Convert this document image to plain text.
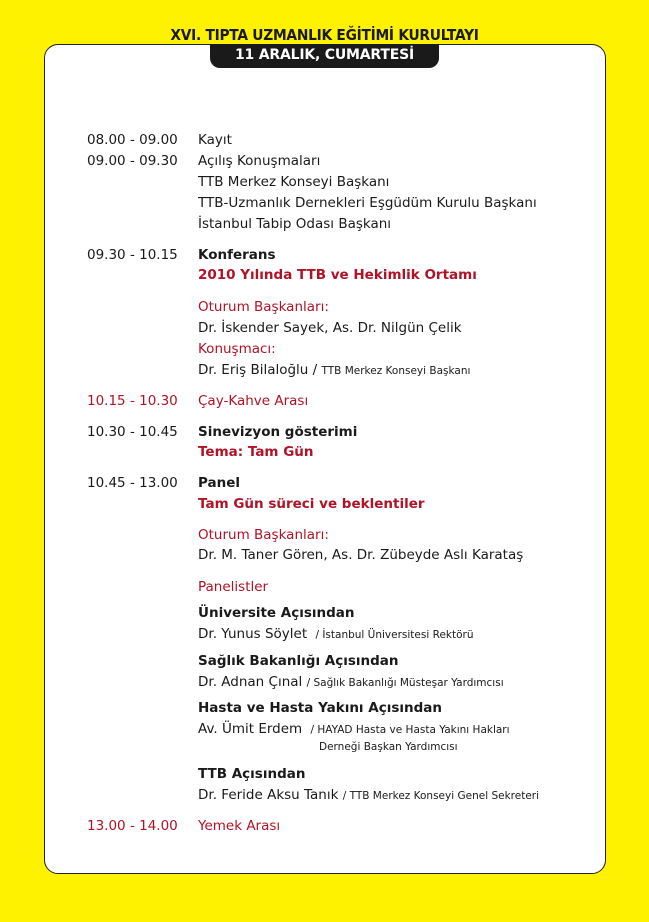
XVI. TIPTA UZMANLIK EĞİTİMİ KURULTAYI
11 ARALIK, CUMARTESİ
08.00 - 09.00 Kayıt
09.00 - 09.30 Açılış Konuşmaları
TTB Merkez Konseyi Başkanı
TTB-Uzmanlık Dernekleri Eşgüdüm Kurulu Başkanı
İstanbul Tabip Odası Başkanı
09.30 - 10.15 Konferans
2010 Yılında TTB ve Hekimlik Ortamı
Oturum Başkanları:
Dr. İskender Sayek, As. Dr. Nilgün Çelik
Konuşmacı:
Dr. Eriş Bilaloğlu / TTB Merkez Konseyi Başkanı
10.15 - 10.30 Çay-Kahve Arası
10.30 - 10.45 Sinevizyon gösterimi
Tema: Tam Gün
10.45 - 13.00 Panel
Tam Gün süreci ve beklentiler
Oturum Başkanları:
Dr. M. Taner Gören, As. Dr. Zübeyde Aslı Karataş
Panelistler
Üniversite Açısından
Dr. Yunus Söylet / İstanbul Üniversitesi Rektörü
Sağlık Bakanlığı Açısından
Dr. Adnan Çınal / Sağlık Bakanlığı Müsteşar Yardımcısı
Hasta ve Hasta Yakını Açısından
Av. Ümit Erdem / HAYAD Hasta ve Hasta Yakını Hakları
Derneği Başkan Yardımcısı
TTB Açısından
Dr. Feride Aksu Tanık / TTB Merkez Konseyi Genel Sekreteri
13.00 - 14.00 Yemek Arası
